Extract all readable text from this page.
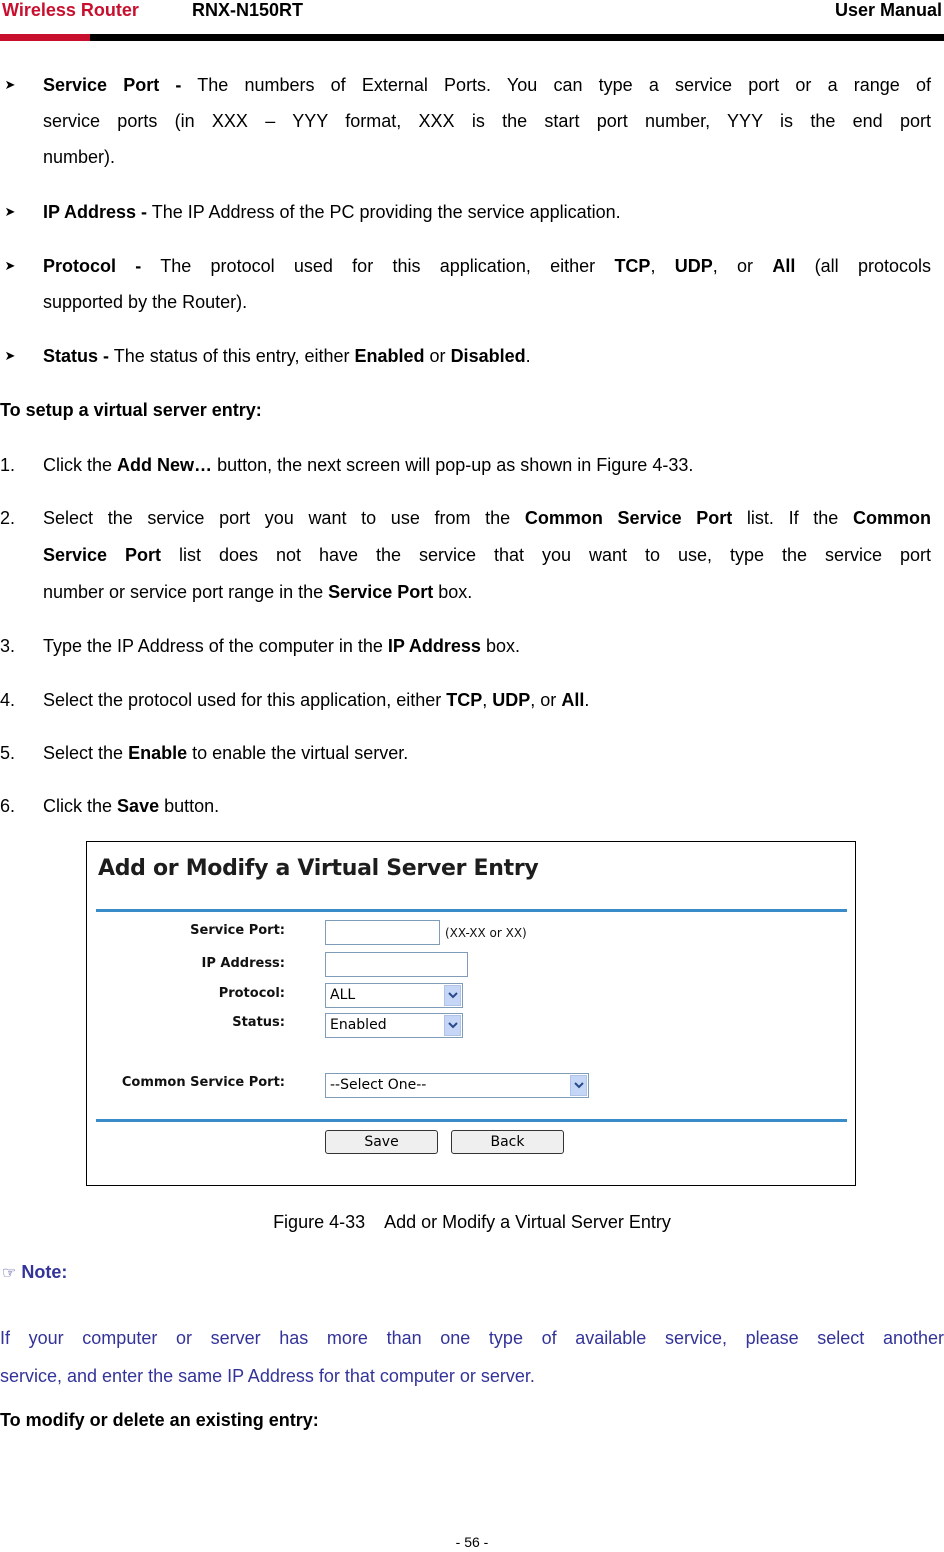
Wireless Router	RNX-N150RT	User Manual
➤ Service Port - The numbers of External Ports. You can type a service port or a range of
service ports (in XXX – YYY format, XXX is the start port number, YYY is the end port
number).
➤ IP Address - The IP Address of the PC providing the service application.
➤ Protocol - The protocol used for this application, either TCP, UDP, or All (all protocols
supported by the Router).
➤ Status - The status of this entry, either Enabled or Disabled.
To setup a virtual server entry:
1.	Click the Add New… button, the next screen will pop-up as shown in Figure 4-33.
2.	Select the service port you want to use from the Common Service Port list. If the Common
Service Port list does not have the service that you want to use, type the service port
number or service port range in the Service Port box.
3.	Type the IP Address of the computer in the IP Address box.
4.	Select the protocol used for this application, either TCP, UDP, or All.
5.	Select the Enable to enable the virtual server.
6.	Click the Save button.
Add or Modify a Virtual Server Entry
Service Port:	(XX-XX or XX)
IP Address:
Protocol:	ALL
Status:	Enabled
Common Service Port:	--Select One--
Save	Back
Figure 4-33    Add or Modify a Virtual Server Entry
☞ Note:
If your computer or server has more than one type of available service, please select another
service, and enter the same IP Address for that computer or server.
To modify or delete an existing entry:
- 56 -
